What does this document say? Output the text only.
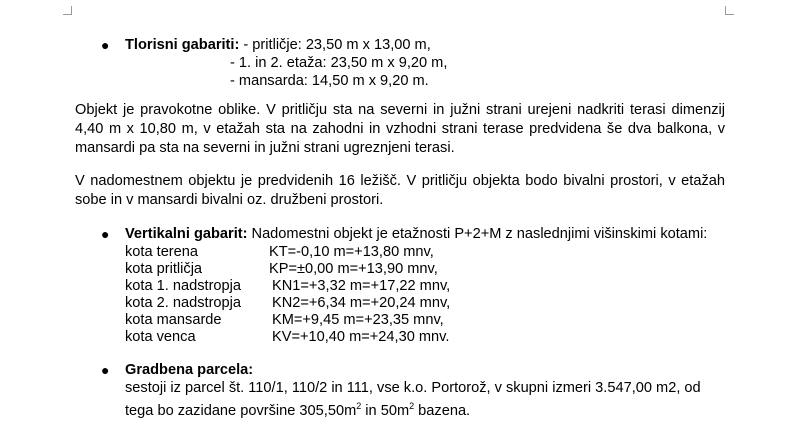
● Tlorisni gabariti: - pritličje: 23,50 m x 13,00 m,
- 1. in 2. etaža: 23,50 m x 9,20 m,
- mansarda: 14,50 m x 9,20 m.
Objekt je pravokotne oblike. V pritličju sta na severni in južni strani urejeni nadkriti terasi dimenzij 4,40 m x 10,80 m, v etažah sta na zahodni in vzhodni strani terase predvidena še dva balkona, v mansardi pa sta na severni in južni strani ugreznjeni terasi.
V nadomestnem objektu je predvidenih 16 ležišč. V pritličju objekta bodo bivalni prostori, v etažah sobe in v mansardi bivalni oz. družbeni prostori.
● Vertikalni gabarit: Nadomestni objekt je etažnosti P+2+M z naslednjimi višinskimi kotami:
kota terena	KT=-0,10 m=+13,80 mnv,
kota pritličja	KP=±0,00 m=+13,90 mnv,
kota 1. nadstropja KN1=+3,32 m=+17,22 mnv,
kota 2. nadstropja KN2=+6,34 m=+20,24 mnv,
kota mansarde	KM=+9,45 m=+23,35 mnv,
kota venca	KV=+10,40 m=+24,30 mnv.
● Gradbena parcela:
sestoji iz parcel št. 110/1, 110/2 in 111, vse k.o. Portorož, v skupni izmeri 3.547,00 m2, od
tega bo zazidane površine $305,50m^2$ in $50m^2$ bazena.
